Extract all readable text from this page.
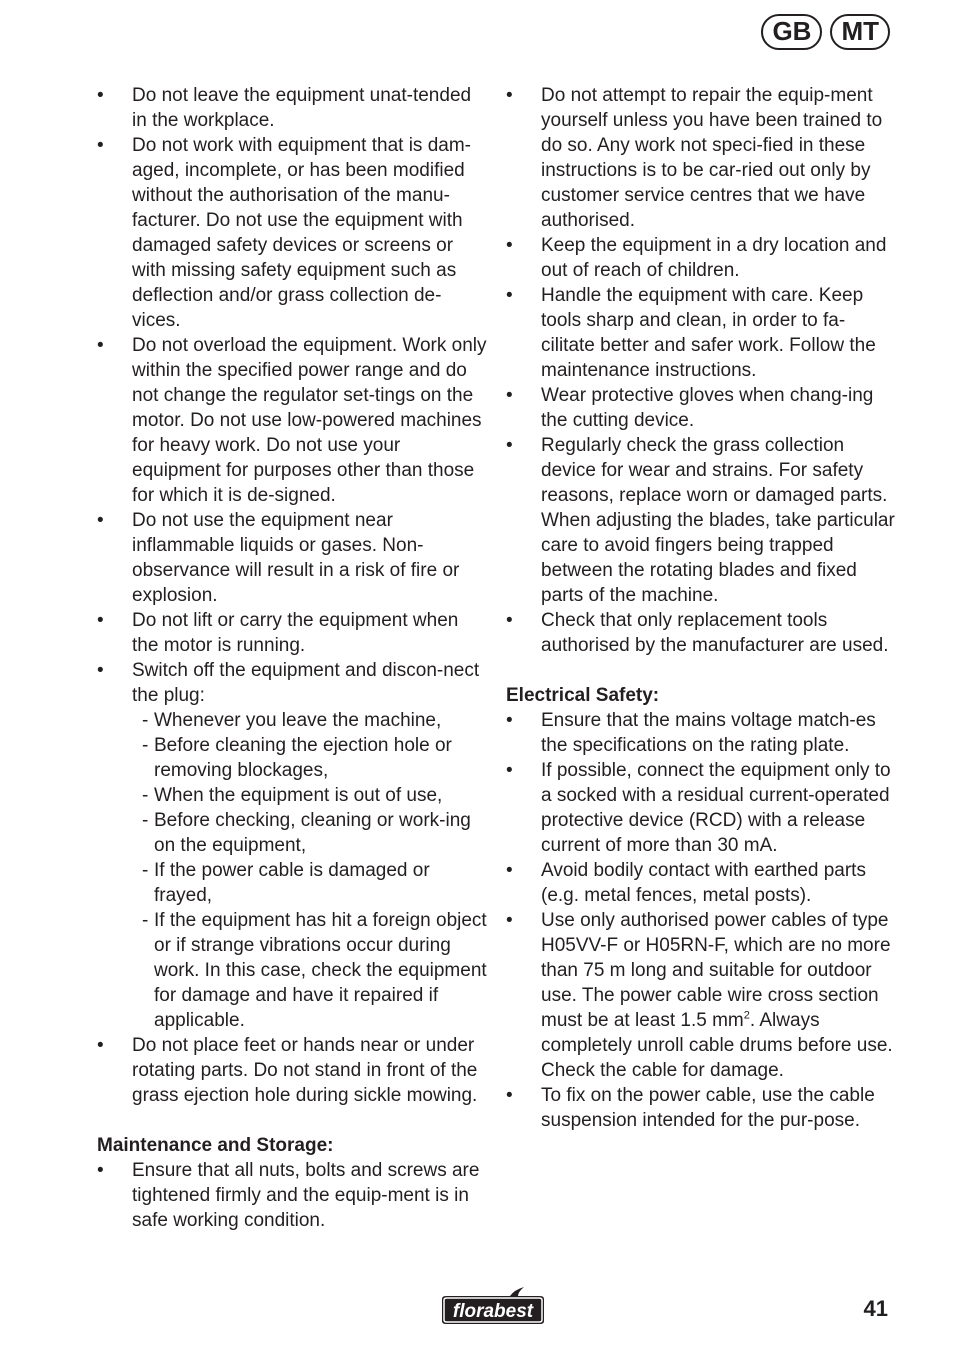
GB	MT
• Do not leave the equipment unat-tended in the workplace.
• Do not work with equipment that is dam-aged, incomplete, or has been modified without the authorisation of the manu-facturer. Do not use the equipment with damaged safety devices or screens or with missing safety equipment such as deflection and/or grass collection de-vices.
• Do not overload the equipment. Work only within the specified power range and do not change the regulator set-tings on the motor. Do not use low-powered machines for heavy work. Do not use your equipment for purposes other than those for which it is de-signed.
• Do not use the equipment near inflammable liquids or gases. Non-observance will result in a risk of fire or explosion.
• Do not lift or carry the equipment when the motor is running.
• Switch off the equipment and discon-nect the plug:
- Whenever you leave the machine,
- Before cleaning the ejection hole or removing blockages,
- When the equipment is out of use,
- Before checking, cleaning or work-ing on the equipment,
- If the power cable is damaged or frayed,
- If the equipment has hit a foreign object or if strange vibrations occur during work. In this case, check the equipment for damage and have it repaired if applicable.
• Do not place feet or hands near or under rotating parts. Do not stand in front of the grass ejection hole during sickle mowing.
Maintenance and Storage:
• Ensure that all nuts, bolts and screws are tightened firmly and the equip-ment is in safe working condition.
• Do not attempt to repair the equip-ment yourself unless you have been trained to do so. Any work not speci-fied in these instructions is to be car-ried out only by customer service centres that we have authorised.
• Keep the equipment in a dry location and out of reach of children.
• Handle the equipment with care. Keep tools sharp and clean, in order to fa-cilitate better and safer work. Follow the maintenance instructions.
• Wear protective gloves when chang-ing the cutting device.
• Regularly check the grass collection device for wear and strains. For safety reasons, replace worn or damaged parts. When adjusting the blades, take particular care to avoid fingers being trapped between the rotating blades and fixed parts of the machine.
• Check that only replacement tools authorised by the manufacturer are used.
Electrical Safety:
• Ensure that the mains voltage match-es the specifications on the rating plate.
• If possible, connect the equipment only to a socked with a residual current-operated protective device (RCD) with a release current of more than 30 mA.
• Avoid bodily contact with earthed parts (e.g. metal fences, metal posts).
• Use only authorised power cables of type H05VV-F or H05RN-F, which are no more than 75 m long and suitable for outdoor use. The power cable wire cross section must be at least 1.5 $mm^2$. Always completely unroll cable drums before use. Check the cable for damage.
• To fix on the power cable, use the cable suspension intended for the pur-pose.
florabest	41
